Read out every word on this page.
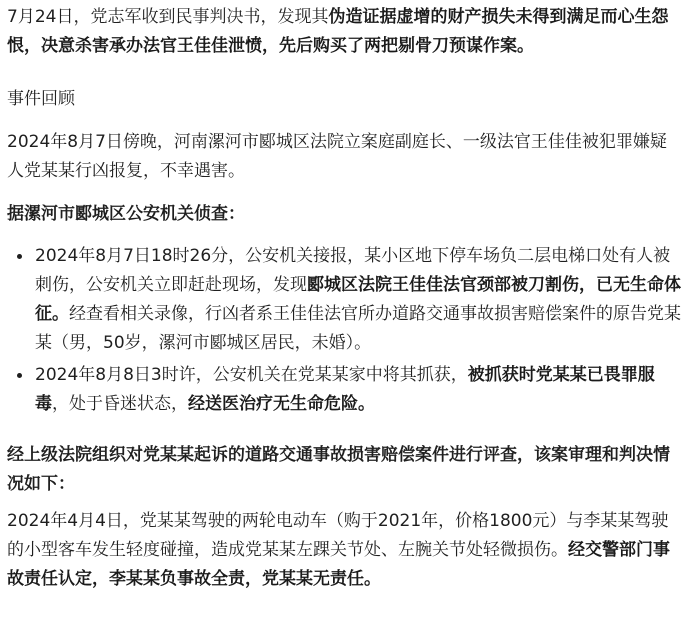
7月24日，党志军收到民事判决书，发现其伪造证据虚增的财产损失未得到满足而心生怨恨，决意杀害承办法官王佳佳泄愤，先后购买了两把剔骨刀预谋作案。

事件回顾

2024年8月7日傍晚，河南漯河市郾城区法院立案庭副庭长、一级法官王佳佳被犯罪嫌疑人党某某行凶报复，不幸遇害。

据漯河市郾城区公安机关侦查：

2024年8月7日18时26分，公安机关接报，某小区地下停车场负二层电梯口处有人被刺伤，公安机关立即赶赴现场，发现郾城区法院王佳佳法官颈部被刀割伤，已无生命体征。经查看相关录像，行凶者系王佳佳法官所办道路交通事故损害赔偿案件的原告党某某（男，50岁，漯河市郾城区居民，未婚）。
2024年8月8日3时许，公安机关在党某某家中将其抓获，被抓获时党某某已畏罪服毒，处于昏迷状态，经送医治疗无生命危险。

经上级法院组织对党某某起诉的道路交通事故损害赔偿案件进行评查，该案审理和判决情况如下：

2024年4月4日，党某某驾驶的两轮电动车（购于2021年，价格1800元）与李某某驾驶的小型客车发生轻度碰撞，造成党某某左踝关节处、左腕关节处轻微损伤。经交警部门事故责任认定，李某某负事故全责，党某某无责任。
